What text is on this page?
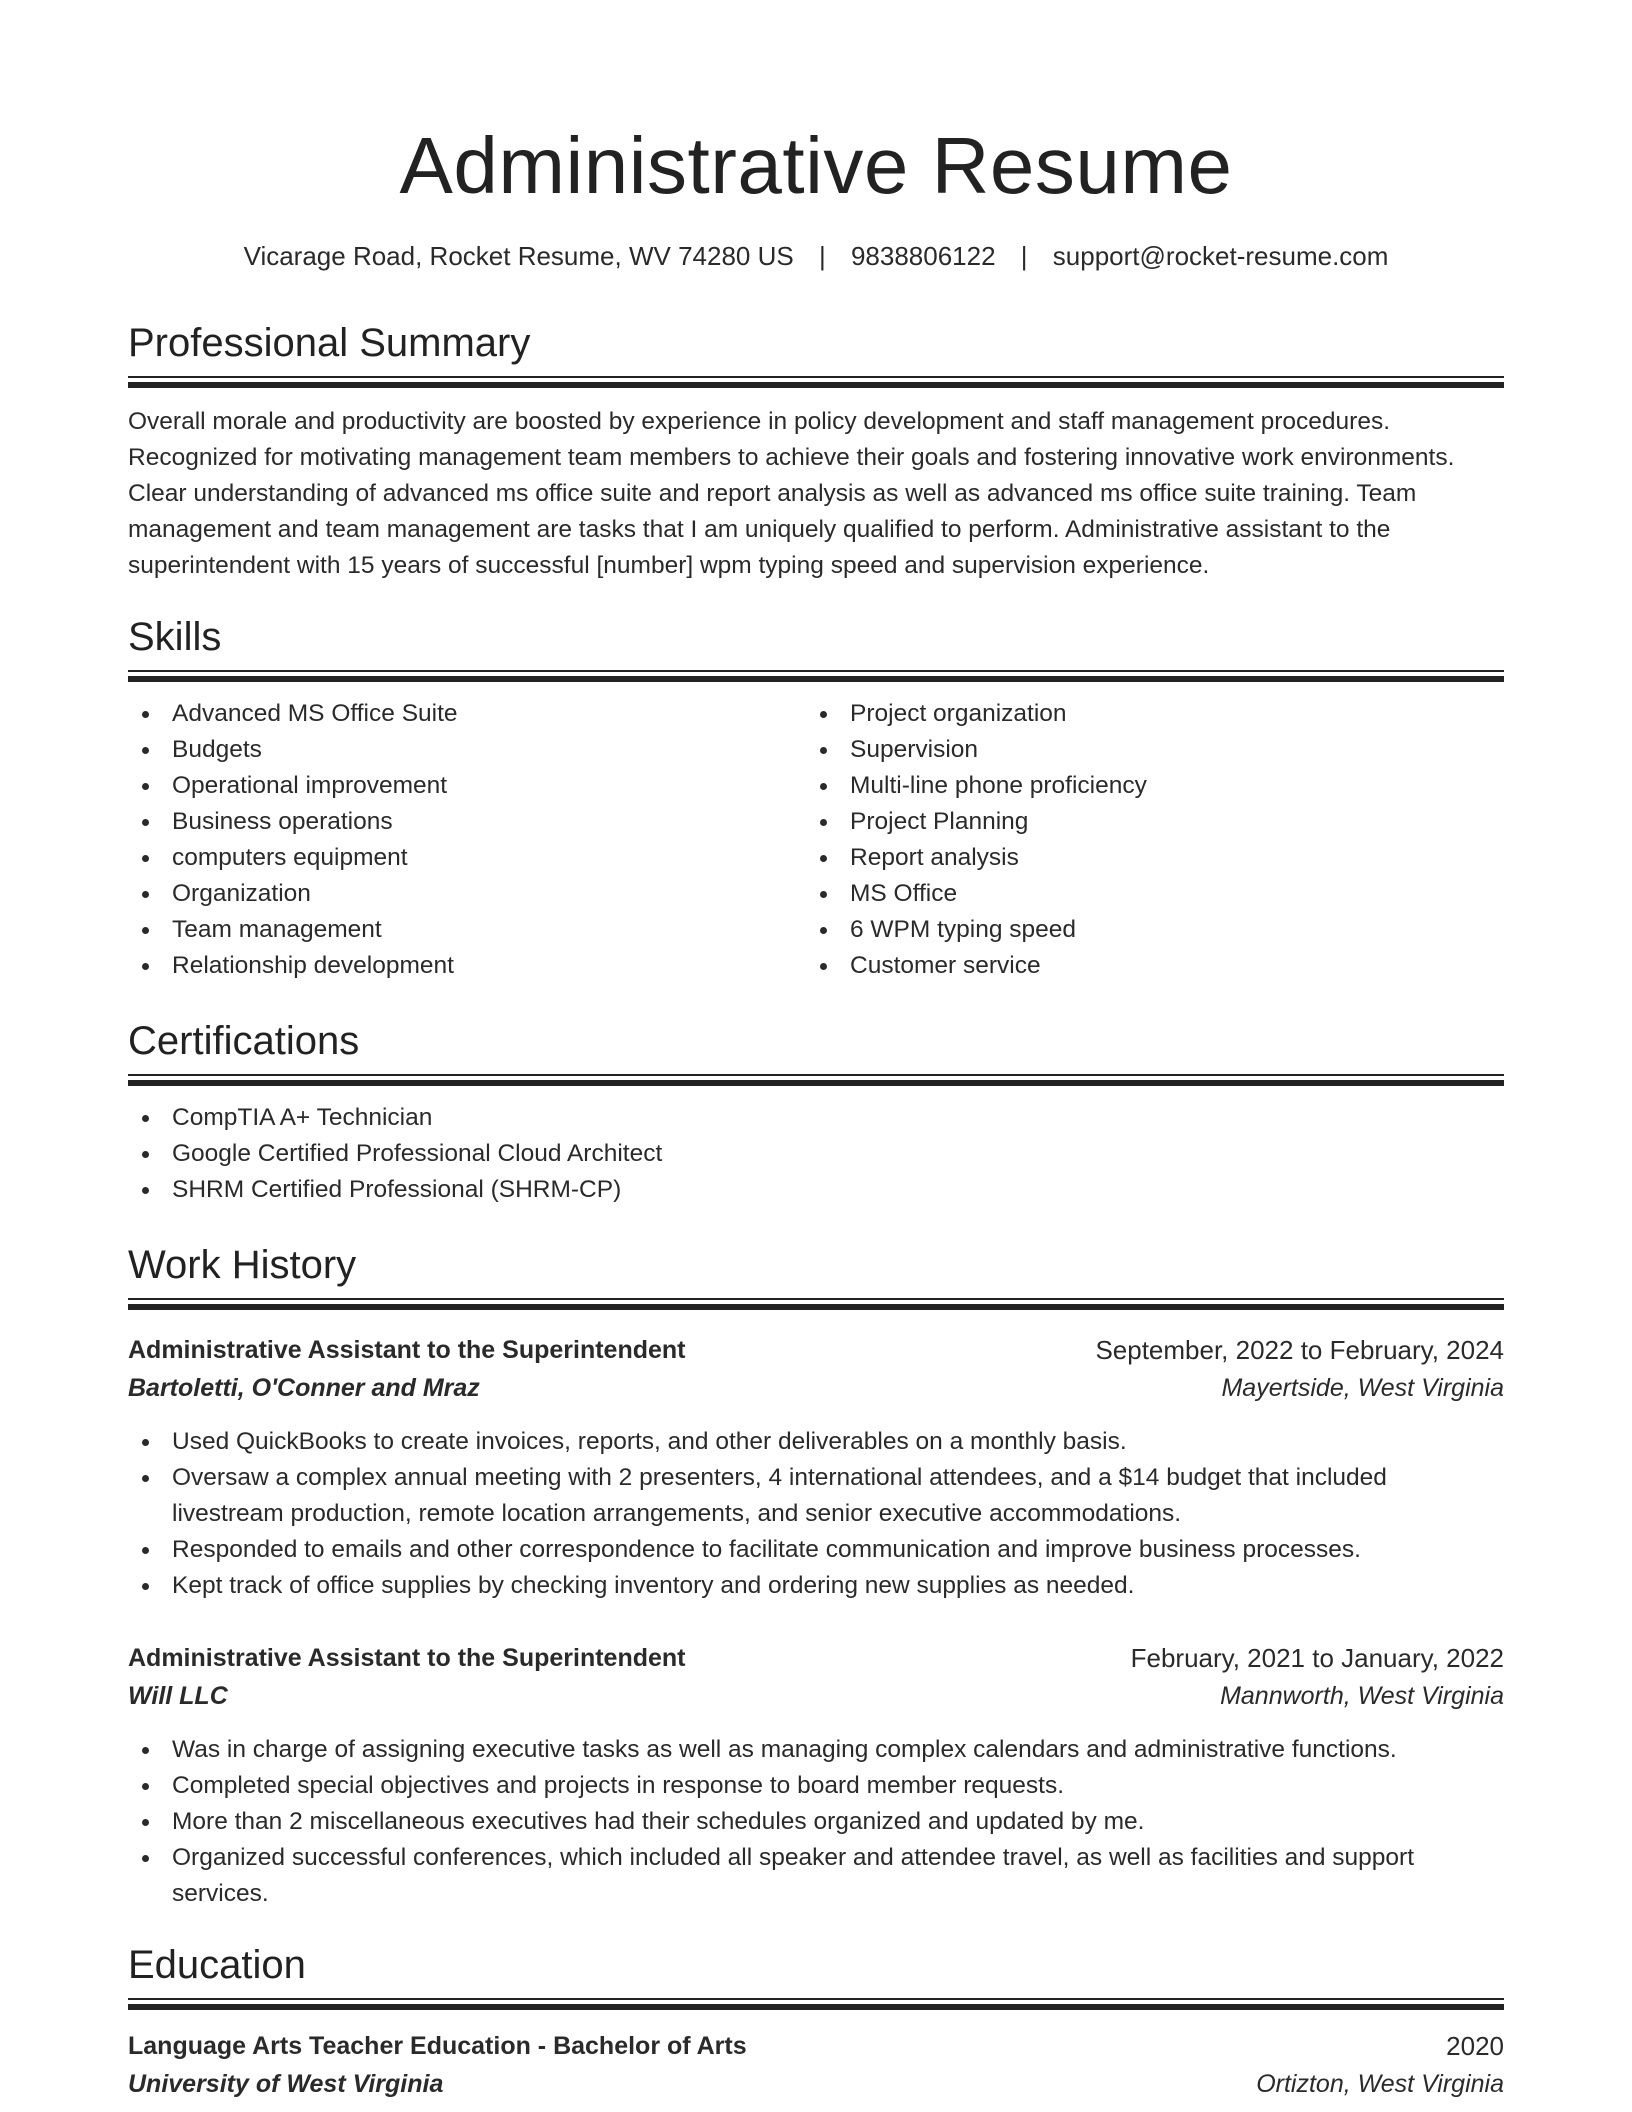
Administrative Resume
Vicarage Road, Rocket Resume, WV 74280 US | 9838806122 | support@rocket-resume.com
Professional Summary
Overall morale and productivity are boosted by experience in policy development and staff management procedures. Recognized for motivating management team members to achieve their goals and fostering innovative work environments. Clear understanding of advanced ms office suite and report analysis as well as advanced ms office suite training. Team management and team management are tasks that I am uniquely qualified to perform. Administrative assistant to the superintendent with 15 years of successful [number] wpm typing speed and supervision experience.
Skills
Advanced MS Office Suite
Budgets
Operational improvement
Business operations
computers equipment
Organization
Team management
Relationship development
Project organization
Supervision
Multi-line phone proficiency
Project Planning
Report analysis
MS Office
6 WPM typing speed
Customer service
Certifications
CompTIA A+ Technician
Google Certified Professional Cloud Architect
SHRM Certified Professional (SHRM-CP)
Work History
Administrative Assistant to the Superintendent	September, 2022 to February, 2024
Bartoletti, O'Conner and Mraz	Mayertside, West Virginia
Used QuickBooks to create invoices, reports, and other deliverables on a monthly basis.
Oversaw a complex annual meeting with 2 presenters, 4 international attendees, and a $14 budget that included livestream production, remote location arrangements, and senior executive accommodations.
Responded to emails and other correspondence to facilitate communication and improve business processes.
Kept track of office supplies by checking inventory and ordering new supplies as needed.
Administrative Assistant to the Superintendent	February, 2021 to January, 2022
Will LLC	Mannworth, West Virginia
Was in charge of assigning executive tasks as well as managing complex calendars and administrative functions.
Completed special objectives and projects in response to board member requests.
More than 2 miscellaneous executives had their schedules organized and updated by me.
Organized successful conferences, which included all speaker and attendee travel, as well as facilities and support services.
Education
Language Arts Teacher Education - Bachelor of Arts	2020
University of West Virginia	Ortizton, West Virginia
